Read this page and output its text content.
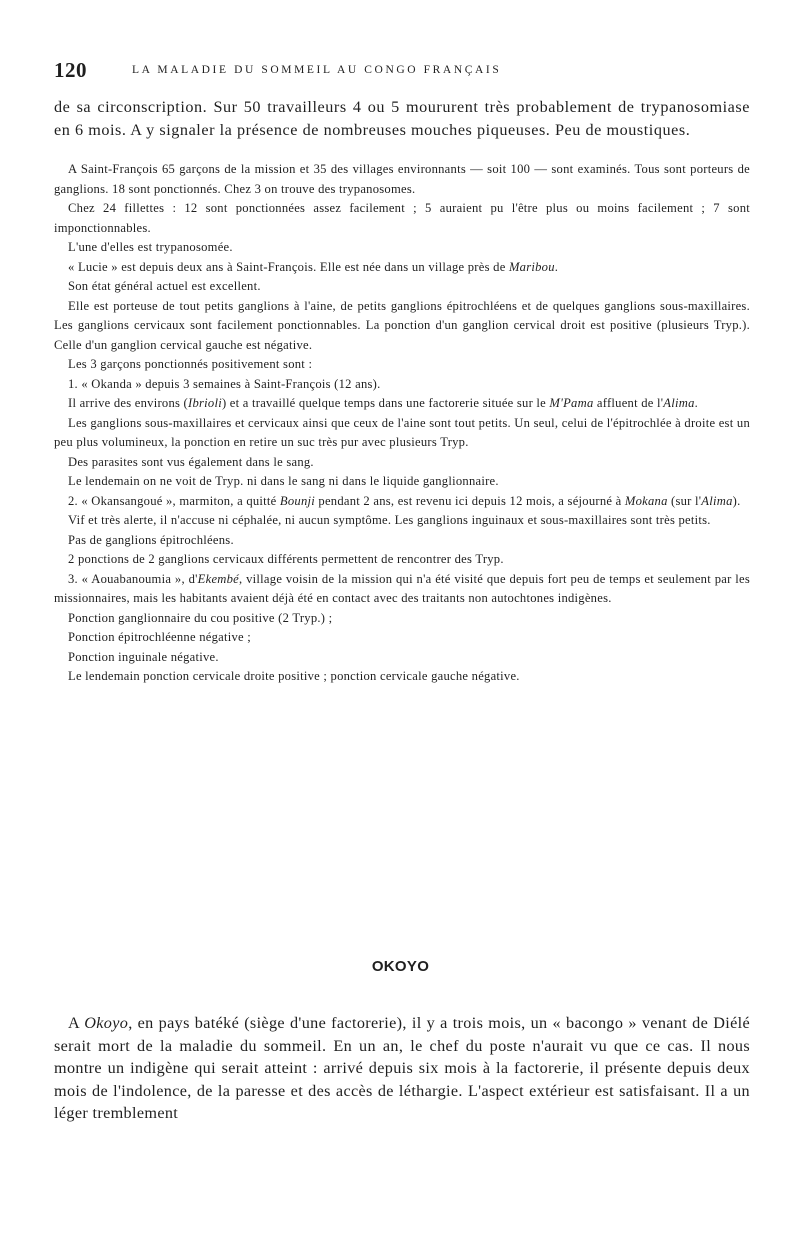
120	LA MALADIE DU SOMMEIL AU CONGO FRANÇAIS

de sa circonscription. Sur 50 travailleurs 4 ou 5 moururent très probablement de trypanosomiase en 6 mois. A y signaler la présence de nombreuses mouches piqueuses. Peu de moustiques.

A Saint-François 65 garçons de la mission et 35 des villages environnants — soit 100 — sont examinés. Tous sont porteurs de ganglions. 18 sont ponctionnés. Chez 3 on trouve des trypanosomes.

Chez 24 fillettes : 12 sont ponctionnées assez facilement ; 5 auraient pu l'être plus ou moins facilement ; 7 sont imponctionnables.

L'une d'elles est trypanosomée.

« Lucie » est depuis deux ans à Saint-François. Elle est née dans un village près de Maribou.

Son état général actuel est excellent.

Elle est porteuse de tout petits ganglions à l'aine, de petits ganglions épitrochléens et de quelques ganglions sous-maxillaires. Les ganglions cervicaux sont facilement ponctionnables. La ponction d'un ganglion cervical droit est positive (plusieurs Tryp.). Celle d'un ganglion cervical gauche est négative.

Les 3 garçons ponctionnés positivement sont :

1. « Okanda » depuis 3 semaines à Saint-François (12 ans).

Il arrive des environs (Ibrioli) et a travaillé quelque temps dans une factorerie située sur le M'Pama affluent de l'Alima.

Les ganglions sous-maxillaires et cervicaux ainsi que ceux de l'aine sont tout petits. Un seul, celui de l'épitrochlée à droite est un peu plus volumineux, la ponction en retire un suc très pur avec plusieurs Tryp.

Des parasites sont vus également dans le sang.

Le lendemain on ne voit de Tryp. ni dans le sang ni dans le liquide ganglionnaire.

2. « Okansangoué », marmiton, a quitté Bounji pendant 2 ans, est revenu ici depuis 12 mois, a séjourné à Mokana (sur l'Alima).

Vif et très alerte, il n'accuse ni céphalée, ni aucun symptôme. Les ganglions inguinaux et sous-maxillaires sont très petits.

Pas de ganglions épitrochléens.

2 ponctions de 2 ganglions cervicaux différents permettent de rencontrer des Tryp.

3. « Aouabanoumia », d'Ekembé, village voisin de la mission qui n'a été visité que depuis fort peu de temps et seulement par les missionnaires, mais les habitants avaient déjà été en contact avec des traitants non autochtones indigènes.

Ponction ganglionnaire du cou positive (2 Tryp.) ;

Ponction épitrochléenne négative ;

Ponction inguinale négative.

Le lendemain ponction cervicale droite positive ; ponction cervicale gauche négative.

OKOYO

A Okoyo, en pays batéké (siège d'une factorerie), il y a trois mois, un « bacongo » venant de Diélé serait mort de la maladie du sommeil. En un an, le chef du poste n'aurait vu que ce cas. Il nous montre un indigène qui serait atteint : arrivé depuis six mois à la factorerie, il présente depuis deux mois de l'indolence, de la paresse et des accès de léthargie. L'aspect extérieur est satisfaisant. Il a un léger tremblement
